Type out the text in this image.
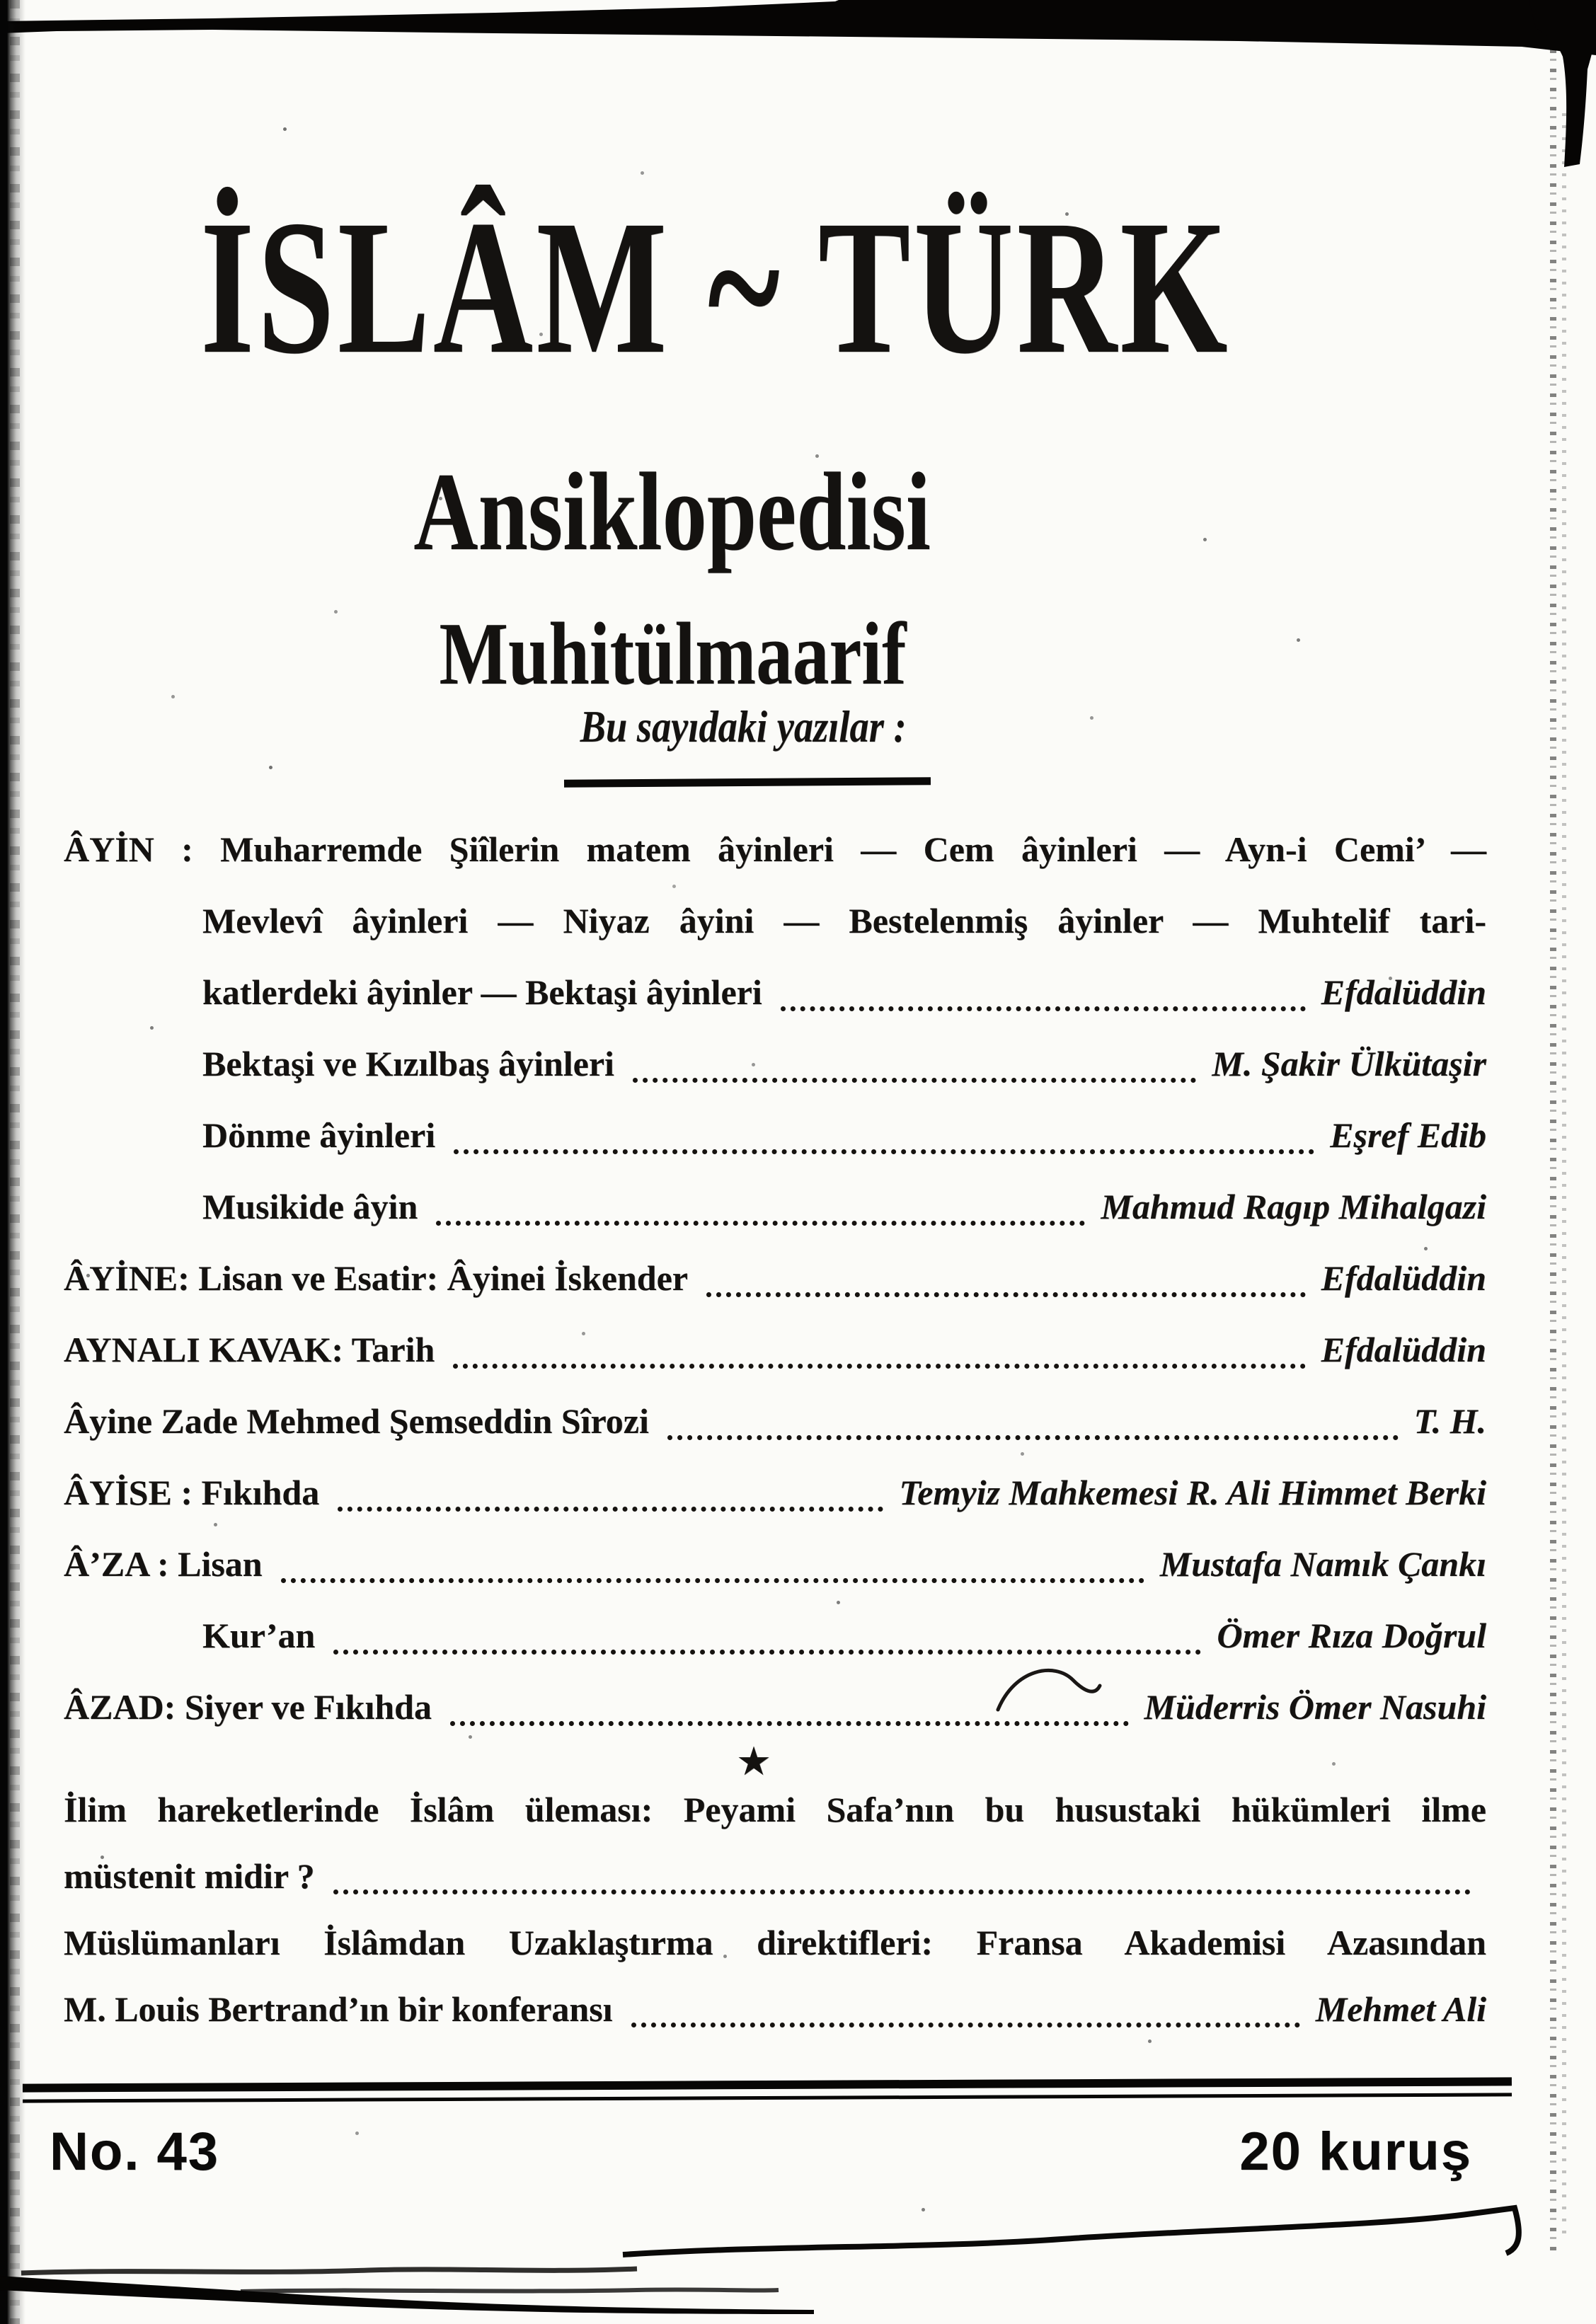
İSLÂM ~ TÜRK
Ansiklopedisi
Muhitülmaarif
Bu sayıdaki yazılar :
ÂYİN : Muharremde Şiîlerin matem âyinleri — Cem âyinleri — Ayn-i Cemi’ —
Mevlevî âyinleri — Niyaz âyini — Bestelenmiş âyinler — Muhtelif tari-
katlerdeki âyinler — Bektaşi âyinleri	Efdalüddin
Bektaşi ve Kızılbaş âyinleri	M. Şakir Ülkütaşir
Dönme âyinleri	Eşref Edib
Musikide âyin	Mahmud Ragıp Mihalgazi
ÂYİNE: Lisan ve Esatir: Âyinei İskender	Efdalüddin
AYNALI KAVAK: Tarih	Efdalüddin
Âyine Zade Mehmed Şemseddin Sîrozi	T. H.
ÂYİSE : Fıkıhda	Temyiz Mahkemesi R. Ali Himmet Berki
Â’ZA : Lisan	Mustafa Namık Çankı
Kur’an	Ömer Rıza Doğrul
ÂZAD: Siyer ve Fıkıhda	Müderris Ömer Nasuhi
★
İlim hareketlerinde İslâm üleması: Peyami Safa’nın bu husustaki hükümleri ilme
müstenit midir ?
Müslümanları İslâmdan Uzaklaştırma direktifleri: Fransa Akademisi Azasından
M. Louis Bertrand’ın bir konferansı	Mehmet Ali
No. 43	20 kuruş
